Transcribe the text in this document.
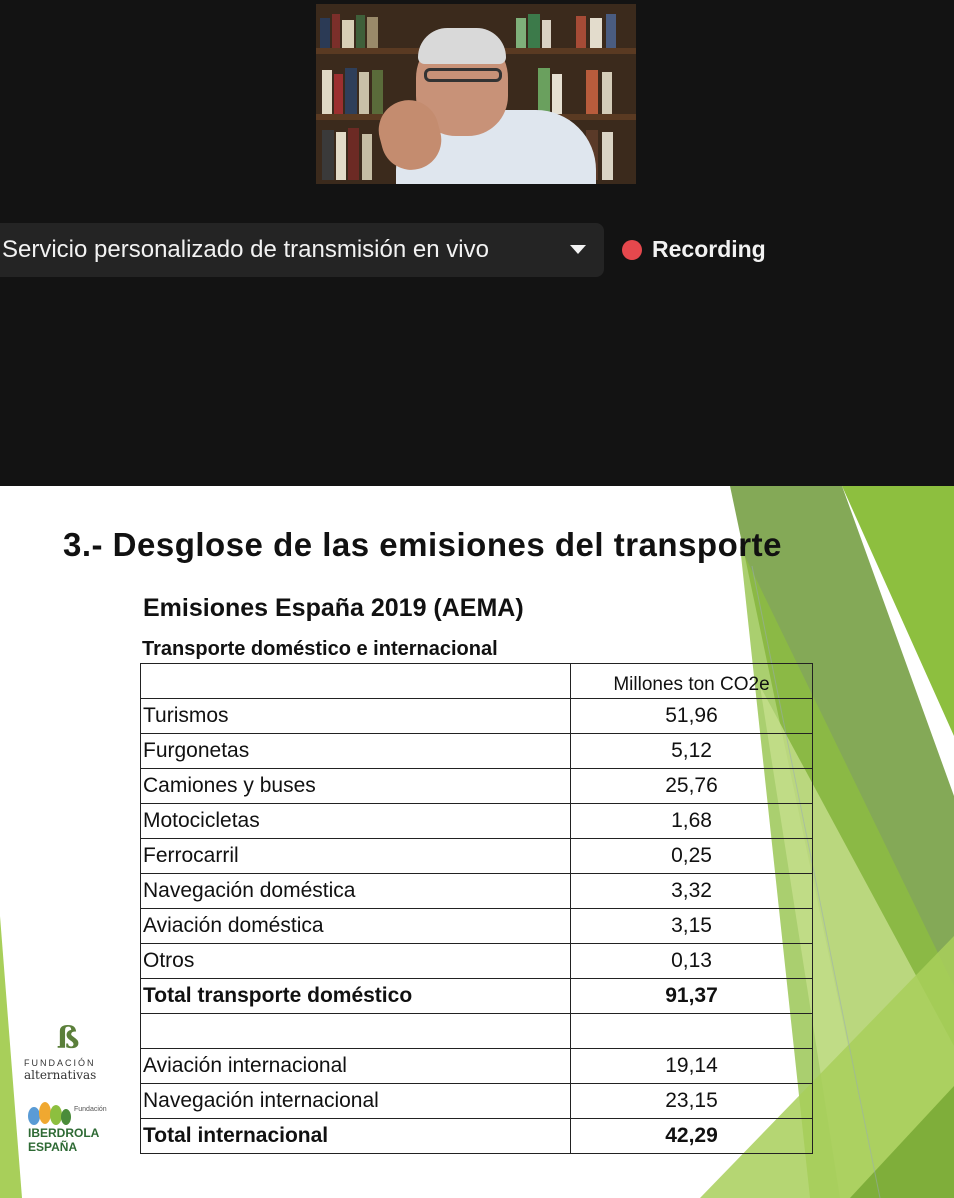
Servicio personalizado de transmisión en vivo	Recording
3.- Desglose de las emisiones del transporte
Emisiones España 2019 (AEMA)
Transporte doméstico e internacional
	Millones ton CO2e
Turismos	51,96
Furgonetas	5,12
Camiones y buses	25,76
Motocicletas	1,68
Ferrocarril	0,25
Navegación doméstica	3,32
Aviación doméstica	3,15
Otros	0,13
Total transporte doméstico	91,37

Aviación internacional	19,14
Navegación internacional	23,15
Total internacional	42,29
ß
FUNDACIÓN
alternativas
Fundación
IBERDROLA
ESPAÑA
